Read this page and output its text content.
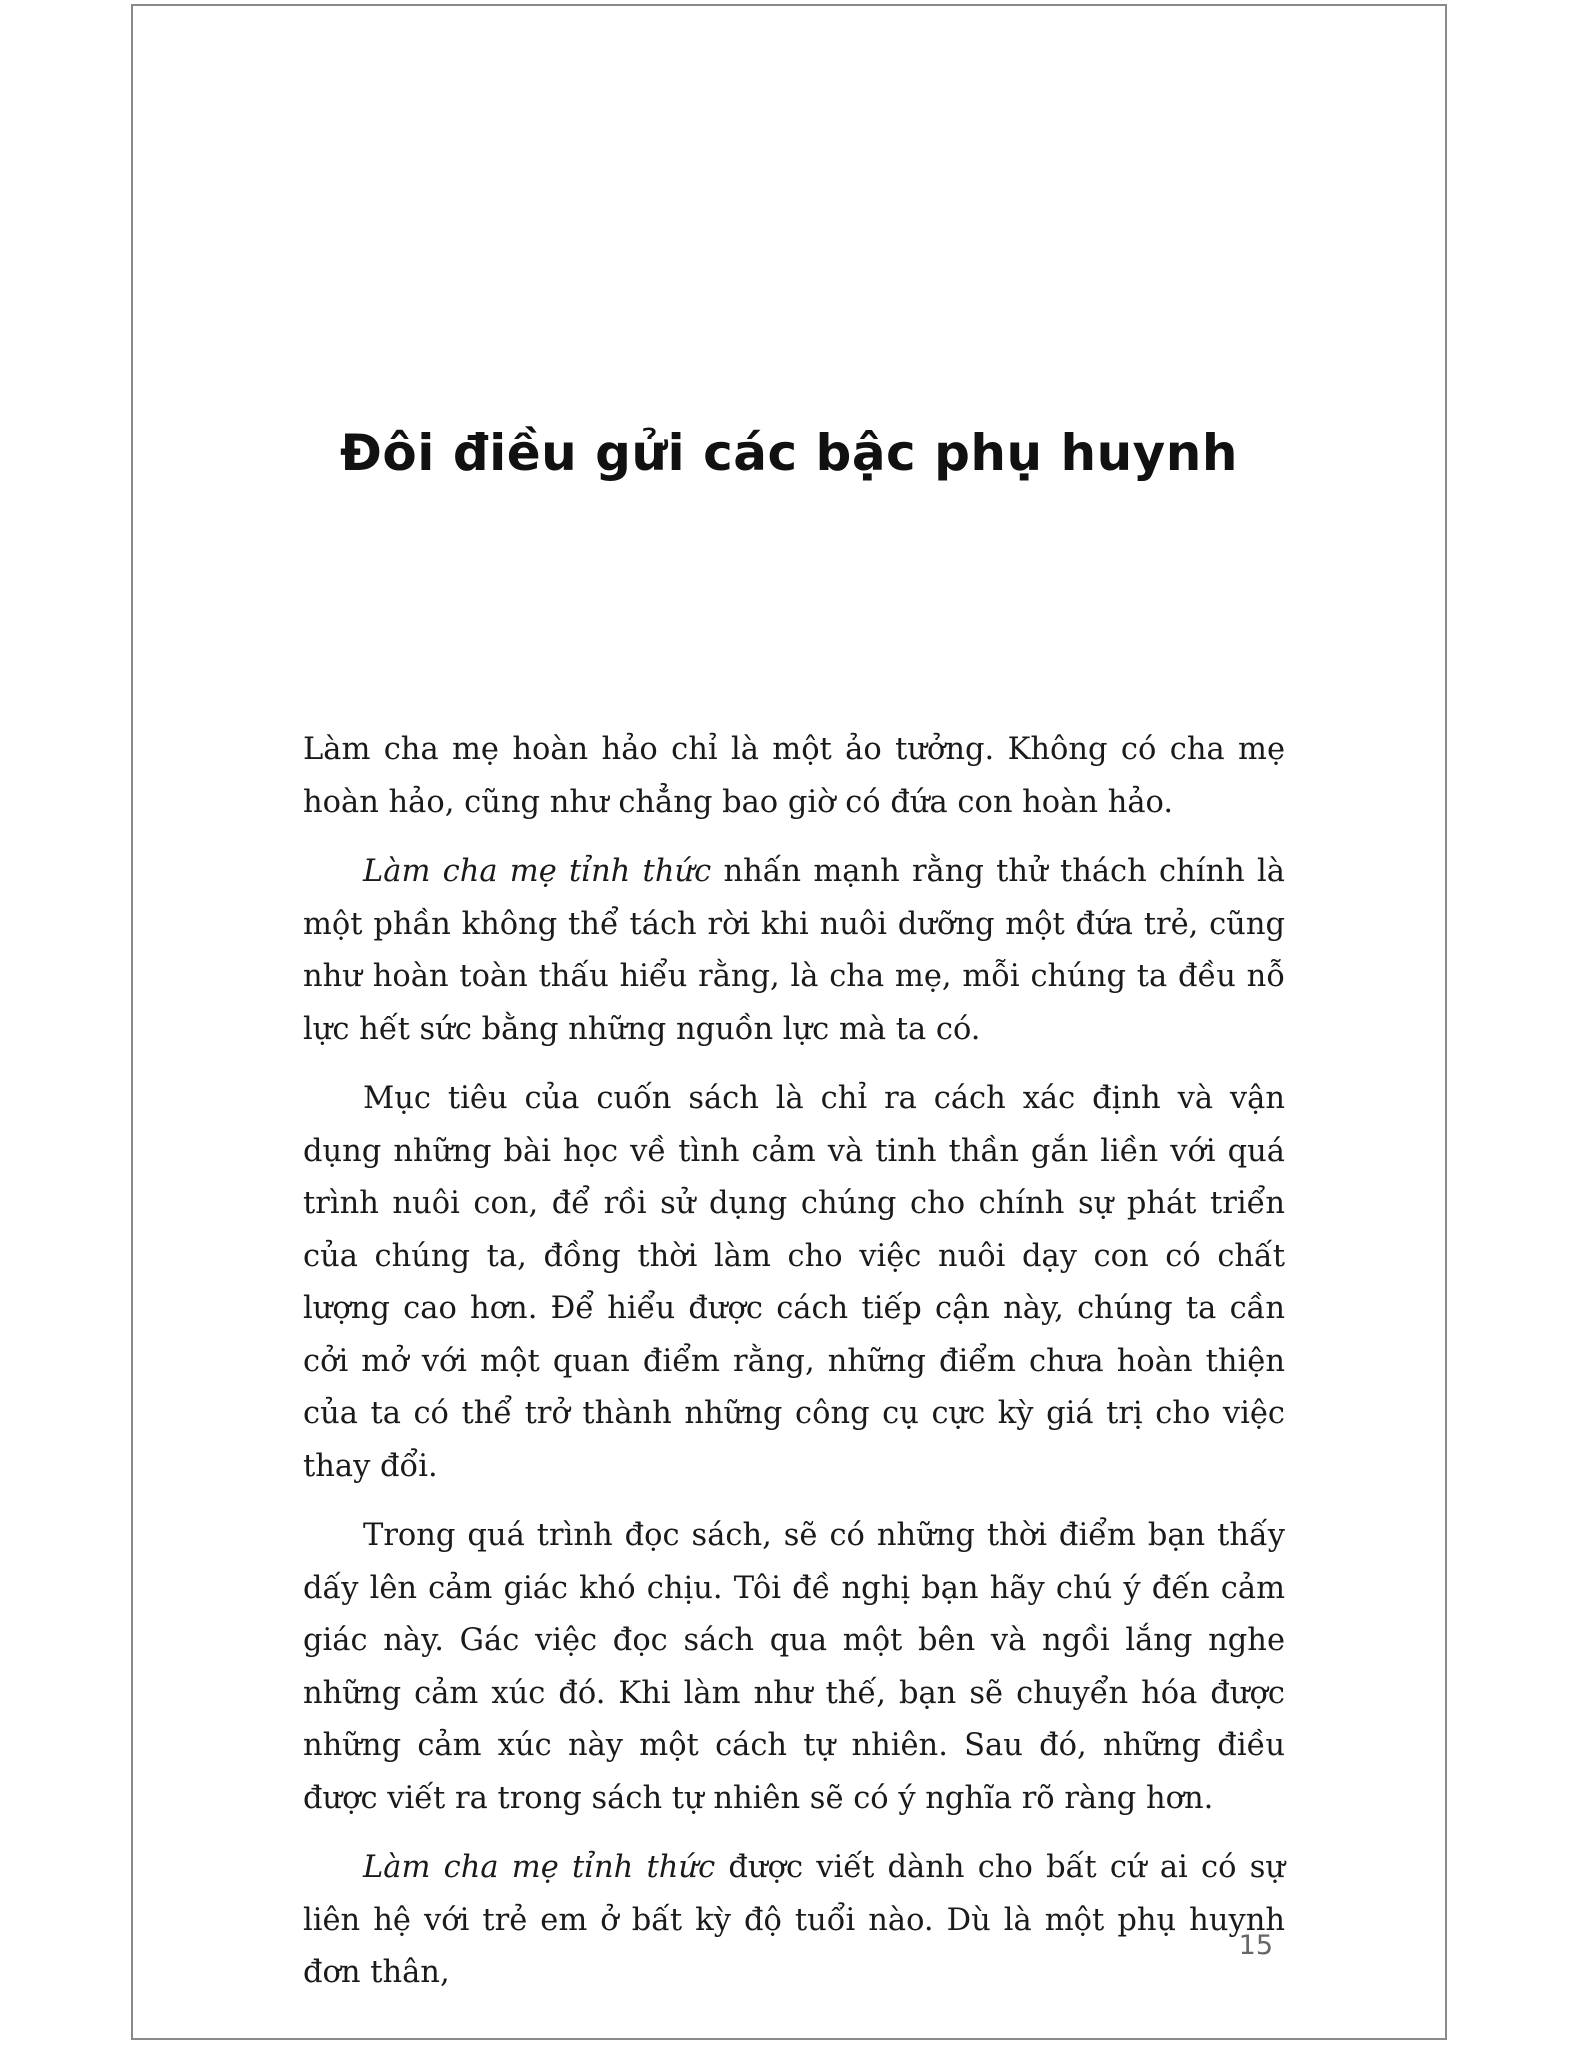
Đôi điều gửi các bậc phụ huynh

Làm cha mẹ hoàn hảo chỉ là một ảo tưởng. Không có cha mẹ hoàn hảo, cũng như chẳng bao giờ có đứa con hoàn hảo.

Làm cha mẹ tỉnh thức nhấn mạnh rằng thử thách chính là một phần không thể tách rời khi nuôi dưỡng một đứa trẻ, cũng như hoàn toàn thấu hiểu rằng, là cha mẹ, mỗi chúng ta đều nỗ lực hết sức bằng những nguồn lực mà ta có.

Mục tiêu của cuốn sách là chỉ ra cách xác định và vận dụng những bài học về tình cảm và tinh thần gắn liền với quá trình nuôi con, để rồi sử dụng chúng cho chính sự phát triển của chúng ta, đồng thời làm cho việc nuôi dạy con có chất lượng cao hơn. Để hiểu được cách tiếp cận này, chúng ta cần cởi mở với một quan điểm rằng, những điểm chưa hoàn thiện của ta có thể trở thành những công cụ cực kỳ giá trị cho việc thay đổi.

Trong quá trình đọc sách, sẽ có những thời điểm bạn thấy dấy lên cảm giác khó chịu. Tôi đề nghị bạn hãy chú ý đến cảm giác này. Gác việc đọc sách qua một bên và ngồi lắng nghe những cảm xúc đó. Khi làm như thế, bạn sẽ chuyển hóa được những cảm xúc này một cách tự nhiên. Sau đó, những điều được viết ra trong sách tự nhiên sẽ có ý nghĩa rõ ràng hơn.

Làm cha mẹ tỉnh thức được viết dành cho bất cứ ai có sự liên hệ với trẻ em ở bất kỳ độ tuổi nào. Dù là một phụ huynh đơn thân,

15
